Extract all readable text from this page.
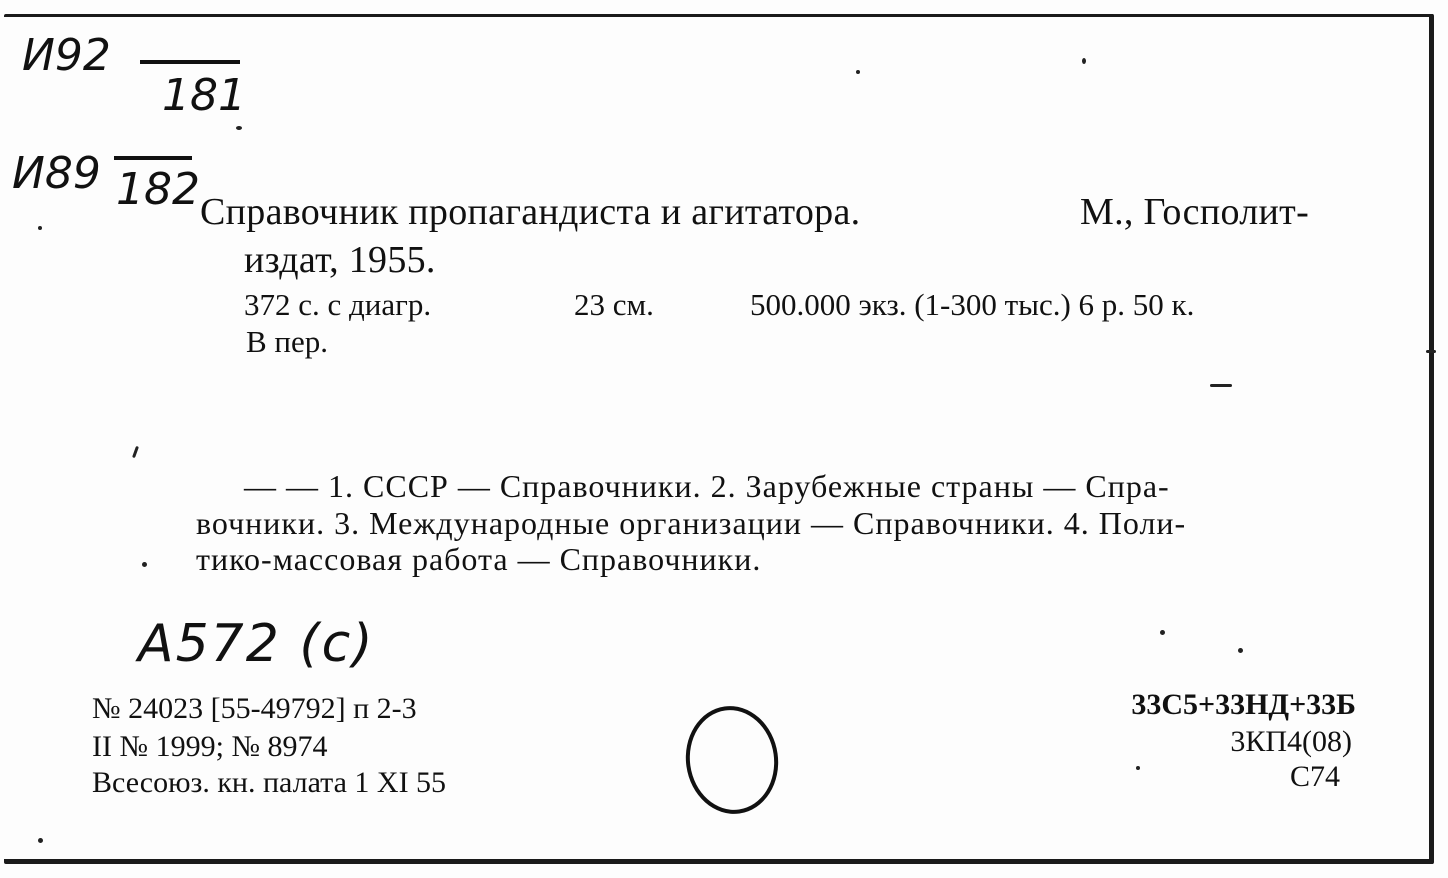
И92
181
И89 182 Справочник пропагандиста и агитатора.	М., Госполит-
издат, 1955.
372 с. с диагр.	23 см.	500.000 экз. (1-300 тыс.) 6 р. 50 к.
В пер.
— — 1. СССР — Справочники. 2. Зарубежные страны — Спра-
вочники. 3. Международные организации — Справочники. 4. Поли-
тико-массовая работа — Справочники.
А572 (с)
№ 24023 [55-49792] п 2-3
II № 1999; № 8974
Всесоюз. кн. палата 1 XI 55
33С5+33НД+33Б
3КП4(08)
С74
